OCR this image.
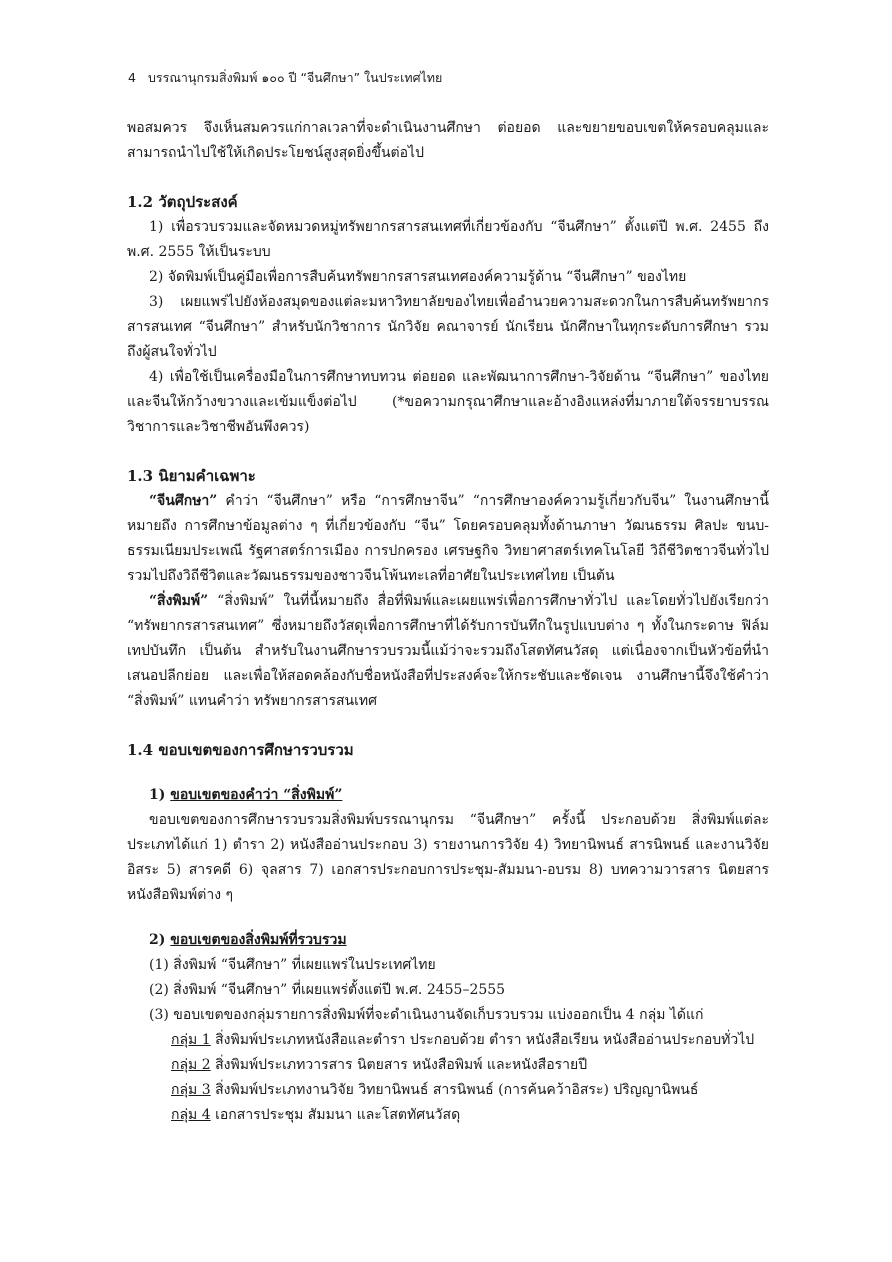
4 บรรณานุกรมสิ่งพิมพ์ ๑๐๐ ปี “จีนศึกษา” ในประเทศไทย

พอสมควร จึงเห็นสมควรแก่กาลเวลาที่จะดำเนินงานศึกษา ต่อยอด และขยายขอบเขตให้ครอบคลุมและสามารถนำไปใช้ให้เกิดประโยชน์สูงสุดยิ่งขึ้นต่อไป

1.2 วัตถุประสงค์

1) เพื่อรวบรวมและจัดหมวดหมู่ทรัพยากรสารสนเทศที่เกี่ยวข้องกับ “จีนศึกษา” ตั้งแต่ปี พ.ศ. 2455 ถึง พ.ศ. 2555 ให้เป็นระบบ

2) จัดพิมพ์เป็นคู่มือเพื่อการสืบค้นทรัพยากรสารสนเทศองค์ความรู้ด้าน “จีนศึกษา” ของไทย

3) เผยแพร่ไปยังห้องสมุดของแต่ละมหาวิทยาลัยของไทยเพื่ออำนวยความสะดวกในการสืบค้นทรัพยากรสารสนเทศ “จีนศึกษา” สำหรับนักวิชาการ นักวิจัย คณาจารย์ นักเรียน นักศึกษาในทุกระดับการศึกษา รวมถึงผู้สนใจทั่วไป

4) เพื่อใช้เป็นเครื่องมือในการศึกษาทบทวน ต่อยอด และพัฒนาการศึกษา-วิจัยด้าน “จีนศึกษา” ของไทยและจีนให้กว้างขวางและเข้มแข็งต่อไป (*ขอความกรุณาศึกษาและอ้างอิงแหล่งที่มาภายใต้จรรยาบรรณวิชาการและวิชาชีพอันพึงควร)

1.3 นิยามคำเฉพาะ

“จีนศึกษา” คำว่า “จีนศึกษา” หรือ “การศึกษาจีน” “การศึกษาองค์ความรู้เกี่ยวกับจีน” ในงานศึกษานี้หมายถึง การศึกษาข้อมูลต่าง ๆ ที่เกี่ยวข้องกับ “จีน” โดยครอบคลุมทั้งด้านภาษา วัฒนธรรม ศิลปะ ขนบ-ธรรมเนียมประเพณี รัฐศาสตร์การเมือง การปกครอง เศรษฐกิจ วิทยาศาสตร์เทคโนโลยี วิถีชีวิตชาวจีนทั่วไปรวมไปถึงวิถีชีวิตและวัฒนธรรมของชาวจีนโพ้นทะเลที่อาศัยในประเทศไทย เป็นต้น

“สิ่งพิมพ์” “สิ่งพิมพ์” ในที่นี้หมายถึง สื่อที่พิมพ์และเผยแพร่เพื่อการศึกษาทั่วไป และโดยทั่วไปยังเรียกว่า “ทรัพยากรสารสนเทศ” ซึ่งหมายถึงวัสดุเพื่อการศึกษาที่ได้รับการบันทึกในรูปแบบต่าง ๆ ทั้งในกระดาษ ฟิล์ม เทปบันทึก เป็นต้น สำหรับในงานศึกษารวบรวมนี้แม้ว่าจะรวมถึงโสตทัศนวัสดุ แต่เนื่องจากเป็นหัวข้อที่นำเสนอปลีกย่อย และเพื่อให้สอดคล้องกับชื่อหนังสือที่ประสงค์จะให้กระชับและชัดเจน งานศึกษานี้จึงใช้คำว่า “สิ่งพิมพ์” แทนคำว่า ทรัพยากรสารสนเทศ

1.4 ขอบเขตของการศึกษารวบรวม
1) ขอบเขตของคำว่า “สิ่งพิมพ์”

ขอบเขตของการศึกษารวบรวมสิ่งพิมพ์บรรณานุกรม “จีนศึกษา” ครั้งนี้ ประกอบด้วย สิ่งพิมพ์แต่ละประเภทได้แก่ 1) ตำรา 2) หนังสืออ่านประกอบ 3) รายงานการวิจัย 4) วิทยานิพนธ์ สารนิพนธ์ และงานวิจัยอิสระ 5) สารคดี 6) จุลสาร 7) เอกสารประกอบการประชุม-สัมมนา-อบรม 8) บทความวารสาร นิตยสาร หนังสือพิมพ์ต่าง ๆ

2) ขอบเขตของสิ่งพิมพ์ที่รวบรวม
(1) สิ่งพิมพ์ “จีนศึกษา” ที่เผยแพร่ในประเทศไทย
(2) สิ่งพิมพ์ “จีนศึกษา” ที่เผยแพร่ตั้งแต่ปี พ.ศ. 2455–2555
(3) ขอบเขตของกลุ่มรายการสิ่งพิมพ์ที่จะดำเนินงานจัดเก็บรวบรวม แบ่งออกเป็น 4 กลุ่ม ได้แก่
กลุ่ม 1 สิ่งพิมพ์ประเภทหนังสือและตำรา ประกอบด้วย ตำรา หนังสือเรียน หนังสืออ่านประกอบทั่วไป
กลุ่ม 2 สิ่งพิมพ์ประเภทวารสาร นิตยสาร หนังสือพิมพ์ และหนังสือรายปี
กลุ่ม 3 สิ่งพิมพ์ประเภทงานวิจัย วิทยานิพนธ์ สารนิพนธ์ (การค้นคว้าอิสระ) ปริญญานิพนธ์
กลุ่ม 4 เอกสารประชุม สัมมนา และโสตทัศนวัสดุ
